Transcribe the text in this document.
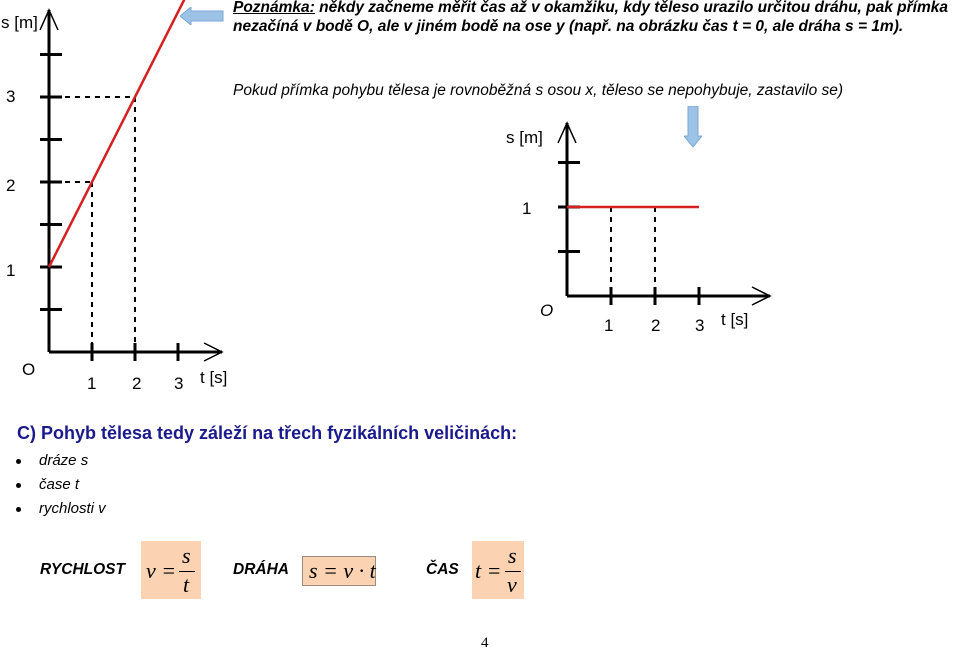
s [m]
O
1
2
3
1 2 3 t [s]
Poznámka: někdy začneme měřit čas až v okamžiku, kdy těleso urazilo určitou dráhu, pak přímka nezačíná v bodě O, ale v jiném bodě na ose y (např. na obrázku čas t = 0, ale dráha s = 1m).
Pokud přímka pohybu tělesa je rovnoběžná s osou x, těleso se nepohybuje, zastavilo se)
s [m]
1
O
1 2 3 t [s]
C) Pohyb tělesa tedy záleží na třech fyzikálních veličinách:
dráze s
čase t
rychlosti v
RYCHLOST v =
s
t
DRÁHA s = v · t	ČAS t =
s
v
4
